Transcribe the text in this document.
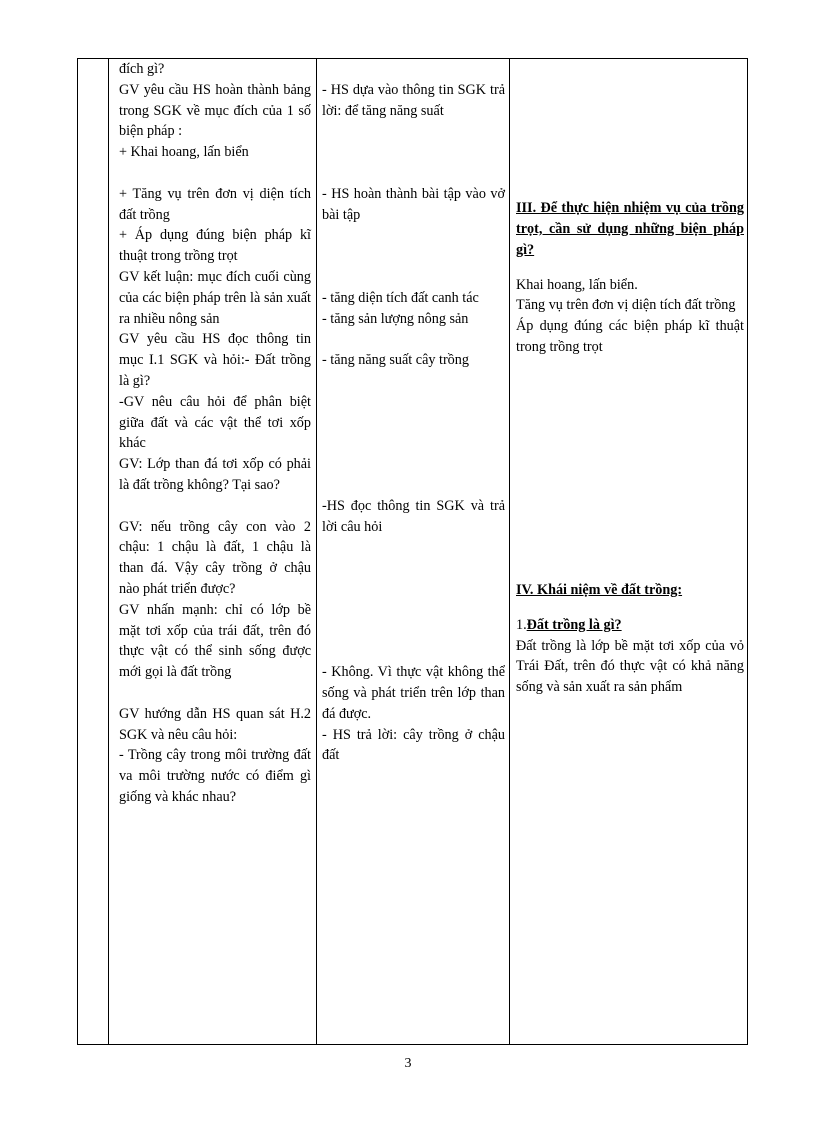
đích gì?

GV yêu cầu HS hoàn thành bảng trong SGK về mục đích của 1 số biện pháp :

+ Khai hoang, lấn biển

+ Tăng vụ trên đơn vị diện tích đất trồng

+ Áp dụng đúng biện pháp kĩ thuật trong trồng trọt

GV kết luận: mục đích cuối cùng của các biện pháp trên là sản xuất ra nhiều nông sản

GV yêu cầu HS đọc thông tin mục I.1 SGK và hỏi:- Đất trồng là gì?

-GV nêu câu hỏi để phân biệt giữa đất và các vật thể tơi xốp khác

GV: Lớp than đá tơi xốp có phải là đất trồng không? Tại sao?

GV: nếu trồng cây con vào 2 chậu: 1 chậu là đất, 1 chậu là than đá. Vậy cây trồng ở chậu nào phát triển được?

GV nhấn mạnh: chỉ có lớp bề mặt tơi xốp của trái đất, trên đó thực vật có thể sinh sống được mới gọi là đất trồng

GV hướng dẫn HS quan sát H.2 SGK và nêu câu hỏi:

- Trồng cây trong môi trường đất va môi trường nước có điểm gì giống và khác nhau?

- HS dựa vào thông tin SGK trả lời: để tăng năng suất

- HS hoàn thành bài tập vào vở bài tập

- tăng diện tích đất canh tác

- tăng sản lượng nông sản

- tăng năng suất cây trồng

-HS đọc thông tin SGK và trả lời câu hỏi

- Không. Vì thực vật không thể sống và phát triển trên lớp than đá được.

- HS trả lời: cây trồng ở chậu đất

III. Để thực hiện nhiệm vụ của trồng trọt, cần sử dụng những biện pháp gì?

Khai hoang, lấn biển.

Tăng vụ trên đơn vị diện tích đất trồng

Áp dụng đúng các biện pháp kĩ thuật trong trồng trọt

IV. Khái niệm về đất trồng:

1.Đất trồng là gì?

Đất trồng là lớp bề mặt tơi xốp của vỏ Trái Đất, trên đó thực vật có khả năng sống và sản xuất ra sản phẩm

3
